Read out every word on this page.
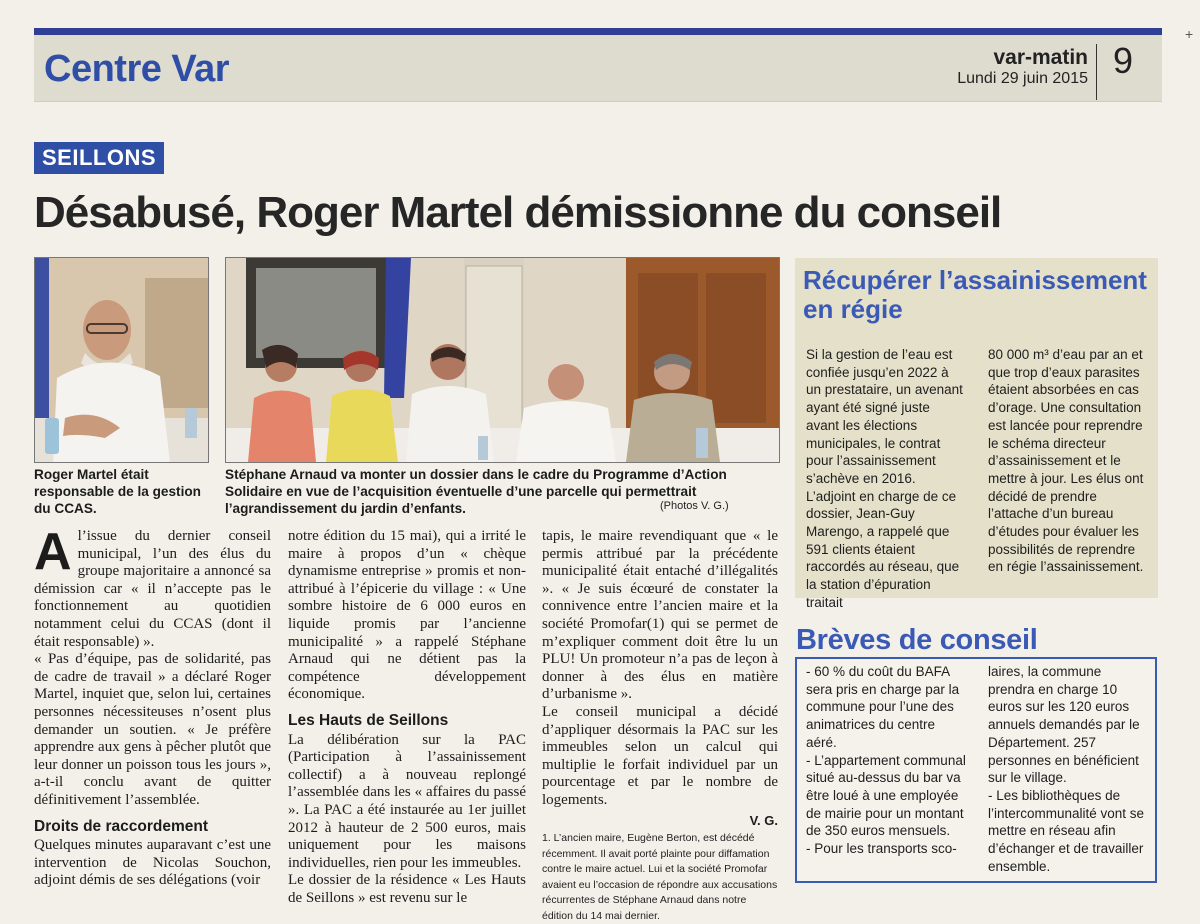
Centre Var	var-matin
Lundi 29 juin 2015 9
+
SEILLONS
Désabusé, Roger Martel démissionne du conseil
Roger Martel était responsable de la gestion du CCAS.
Stéphane Arnaud va monter un dossier dans le cadre du Programme d’Action Solidaire en vue de l’acquisition éventuelle d’une parcelle qui permettrait l’agrandissement du jardin d’enfants.	(Photos V. G.)
Récupérer l’assainissement en régie
Si la gestion de l’eau est confiée jusqu’en 2022 à un prestataire, un avenant ayant été signé juste avant les élections municipales, le contrat pour l’assainissement s’achève en 2016. L’adjoint en charge de ce dossier, Jean-Guy Marengo, a rappelé que 591 clients étaient raccordés au réseau, que la station d’épuration traitait
80 000 m³ d’eau par an et que trop d’eaux parasites étaient absorbées en cas d’orage. Une consultation est lancée pour reprendre le schéma directeur d’assainissement et le mettre à jour. Les élus ont décidé de prendre l’attache d’un bureau d’études pour évaluer les possibilités de reprendre en régie l’assainissement.
A l’issue du dernier conseil municipal, l’un des élus du groupe majoritaire a annoncé sa démission car « il n’accepte pas le fonctionnement au quotidien notamment celui du CCAS (dont il était responsable) ».

« Pas d’équipe, pas de solidarité, pas de cadre de travail » a déclaré Roger Martel, inquiet que, selon lui, certaines personnes nécessiteuses n’osent plus demander un soutien. « Je préfère apprendre aux gens à pêcher plutôt que leur donner un poisson tous les jours », a-t-il conclu avant de quitter définitivement l’assemblée.

Droits de raccordement

Quelques minutes auparavant c’est une intervention de Nicolas Souchon, adjoint démis de ses délégations (voir

notre édition du 15 mai), qui a irrité le maire à propos d’un « chèque dynamisme entreprise » promis et non-attribué à l’épicerie du village : « Une sombre histoire de 6 000 euros en liquide promis par l’ancienne municipalité » a rappelé Stéphane Arnaud qui ne détient pas la compétence développement économique.

Les Hauts de Seillons

La délibération sur la PAC (Participation à l’assainissement collectif) a à nouveau replongé l’assemblée dans les « affaires du passé ». La PAC a été instaurée au 1er juillet 2012 à hauteur de 2 500 euros, mais uniquement pour les maisons individuelles, rien pour les immeubles.

Le dossier de la résidence « Les Hauts de Seillons » est revenu sur le

tapis, le maire revendiquant que « le permis attribué par la précédente municipalité était entaché d’illégalités ». « Je suis écœuré de constater la connivence entre l’ancien maire et la société Promofar(1) qui se permet de m’expliquer comment doit être lu un PLU! Un promoteur n’a pas de leçon à donner à des élus en matière d’urbanisme ».

Le conseil municipal a décidé d’appliquer désormais la PAC sur les immeubles selon un calcul qui multiplie le forfait individuel par un pourcentage et par le nombre de logements.

V. G.
1. L’ancien maire, Eugène Berton, est décédé récemment. Il avait porté plainte pour diffamation contre le maire actuel. Lui et la société Promofar avaient eu l’occasion de répondre aux accusations récurrentes de Stéphane Arnaud dans notre édition du 14 mai dernier.
Brèves de conseil

- 60 % du coût du BAFA sera pris en charge par la commune pour l’une des animatrices du centre aéré.

- L’appartement communal situé au-dessus du bar va être loué à une employée de mairie pour un montant de 350 euros mensuels.

- Pour les transports sco-

laires, la commune prendra en charge 10 euros sur les 120 euros annuels demandés par le Département. 257 personnes en bénéficient sur le village.

- Les bibliothèques de l’intercommunalité vont se mettre en réseau afin d’échanger et de travailler ensemble.
